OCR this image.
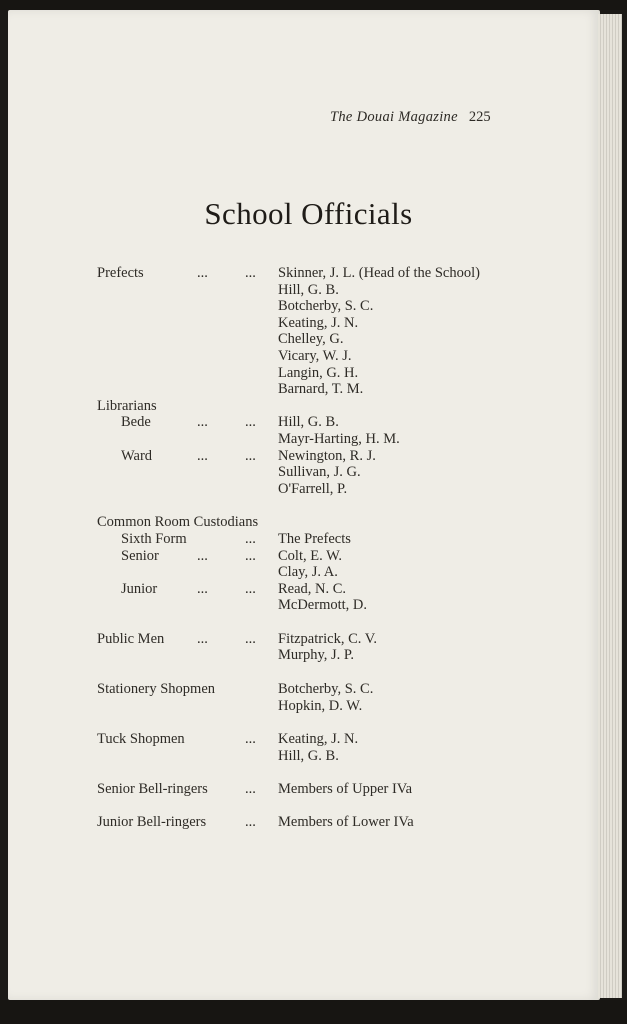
The Douai Magazine 225
School Officials
Prefects	...	... Skinner, J. L. (Head of the School)
Hill, G. B.
Botcherby, S. C.
Keating, J. N.
Chelley, G.
Vicary, W. J.
Langin, G. H.
Barnard, T. M.
Librarians
Bede	...	... Hill, G. B.
Mayr-Harting, H. M.
Ward	...	... Newington, R. J.
Sullivan, J. G.
O'Farrell, P.
Common Room Custodians
Sixth Form	... The Prefects
Senior	...	... Colt, E. W.
Clay, J. A.
Junior	...	... Read, N. C.
McDermott, D.
Public Men ...	... Fitzpatrick, C. V.
Murphy, J. P.
Stationery Shopmen	Botcherby, S. C.
Hopkin, D. W.
Tuck Shopmen	... Keating, J. N.
Hill, G. B.
Senior Bell-ringers	... Members of Upper IVa
Junior Bell-ringers	... Members of Lower IVa
